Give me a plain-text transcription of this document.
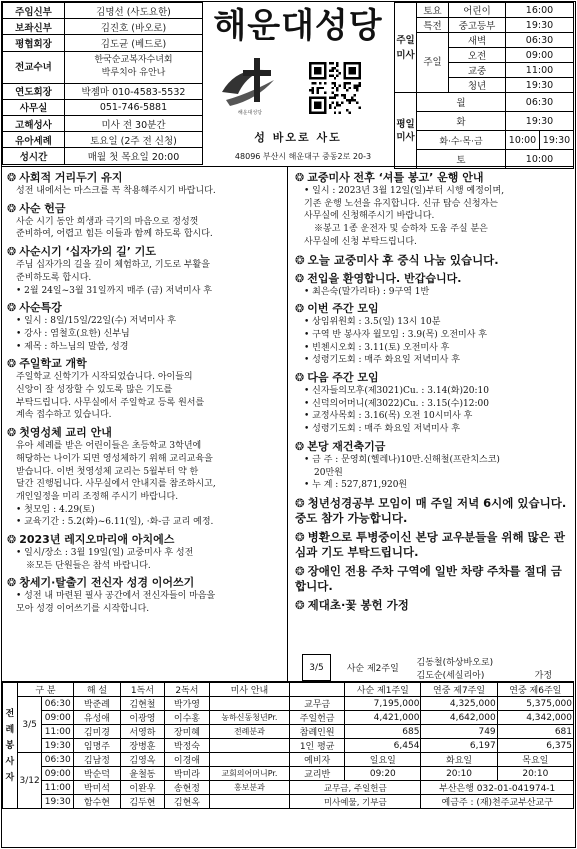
주임신부	김명선 (사도요한)
보좌신부	김진호 (바오로)
평협회장	김도균 (베드로)
전교수녀	한국순교복자수녀회
박루치아 유안나

연도회장	박젬마 010-4583-5532
사무실	051-746-5881
고해성사	미사 전 30분간
유아세례	토요일 (2주 전 신청)
성시간	매월 첫 목요일 20:00
해운대성당
해운대성당
성 바오로 사도
48096 부산시 해운대구 중동2로 20-3
주일미사	토요	어린이	16:00	
	특전	중고등부	19:30	
	주일	새벽	06:30	
		오전	09:00	
		교중	11:00	
		청년	19:30	
평일미사	월		06:30	
	화		19:30	
	화·수·목·금		10:00	19:30
	토		10:00	
❂ 사회적 거리두기 유지
성전 내에서는 마스크를 꼭 착용해주시기 바랍니다.
❂ 사순 헌금
사순 시기 동안 희생과 극기의 마음으로 정성껏
준비하여, 어렵고 힘든 이들과 함께 하도록 합시다.
❂ 사순시기 ‘십자가의 길’ 기도
주님 십자가의 길을 깊이 체험하고, 기도로 부활을
준비하도록 합시다.
• 2월 24일~3월 31일까지 매주 (금) 저녁미사 후
❂ 사순특강
• 일시 : 8일/15일/22일(수) 저녁미사 후
• 강사 : 염철호(요한) 신부님
• 제목 : 하느님의 말씀, 성경
❂ 주일학교 개학
주일학교 신학기가 시작되었습니다. 아이들의
신앙이 잘 성장할 수 있도록 많은 기도를
부탁드립니다. 사무실에서 주일학교 등록 원서를
계속 접수하고 있습니다.
❂ 첫영성체 교리 안내
유아 세례를 받은 어린이들은 초등학교 3학년에
해당하는 나이가 되면 영성체하기 위해 교리교육을
받습니다. 이번 첫영성체 교리는 5월부터 약 한
달간 진행됩니다. 사무실에서 안내지를 참조하시고,
개인일정을 미리 조정해 주시기 바랍니다.
• 첫모임 : 4.29(토)
• 교육기간 : 5.2(화)~6.11(일), ·화-금 교리 예정.
❂ 2023년 레지오마리애 아치에스
• 일시/장소 : 3월 19일(일) 교중미사 후 성전
※모든 단원들은 참석 바랍니다.
❂ 창세기·탈출기 전신자 성경 이어쓰기
• 성전 내 마련된 필사 공간에서 전신자들이 마음을
모아 성경 이어쓰기를 시작합니다.
❂ 교중미사 전후 ‘셔틀 봉고’ 운행 안내
• 일시 : 2023년 3월 12일(일)부터 시행 예정이며,
기존 운행 노선을 유지합니다. 신규 탑승 신청자는
사무실에 신청해주시기 바랍니다.
※봉고 1종 운전자 및 승하차 도움 주실 분은
사무실에 신청 부탁드립니다.
❂ 오늘 교중미사 후 중식 나눔 있습니다.
❂ 전입을 환영합니다. 반갑습니다.
• 최은숙(말가리타) : 9구역 1반
❂ 이번 주간 모임
• 상임위원회 : 3.5(일) 13시 10분
• 구역 반 봉사자 월모임 : 3.9(목) 오전미사 후
• 빈첸시오회 : 3.11(토) 오전미사 후
• 성령기도회 : 매주 화요일 저녁미사 후
❂ 다음 주간 모임
• 신자들의모후(제3021)Cu. : 3.14(화)20:10
• 신덕의어머니(제3022)Cu. : 3.15(수)12:00
• 교정사목회 : 3.16(목) 오전 10시미사 후
• 성령기도회 : 매주 화요일 저녁미사 후
❂ 본당 재건축기금
• 금 주 : 문영희(헬레나)10만.신해철(프란치스코)
20만원
• 누 계 : 527,871,920원
❂ 청년성경공부 모임이 매 주일 저녁 6시에 있습니다. 중도 참가 가능합니다.
❂ 병환으로 투병중이신 본당 교우분들을 위해 많은 관심과 기도 부탁드립니다.
❂ 장애인 전용 주차 구역에 일반 차량 주차를 절대 금합니다.
❂ 제대초·꽃 봉헌 가정
3/5	사순 제2주일	김동철(하상바오로)	가정
김도순(세실리아)
전례봉사자	구 분		해 설	1독서	2독서	미사 안내		사순 제1주일	연중 제7주일	연중 제6주일
	3/5	06:30	박준례	김현철	박가영		교무금	7,195,000	4,325,000	5,375,000
		09:00	유성애	이광영	이수홍	농하신동청년Pr.	주일헌금	4,421,000	4,642,000	4,342,000
		11:00	김미경	서영하	장미혜	전례분과	참례인원	685	749	681
		19:30	임명주	장병훈	박정숙		1인 평균	6,454	6,197	6,375
	3/12	06:30	김남정	김영옥	이경애		예비자	일요일	화요일	목요일
		09:00	박순덕	윤철동	박미라	교회의어머니Pr.	교리반	09:20	20:10	20:10
		11:00	박미석	이완우	송현정	홍보분과	교무금, 주일헌금		부산은행 032-01-041974-1	
		19:30	함수현	김두현	김현옥		미사예물, 기부금		예금주 : (재)천주교부산교구	
